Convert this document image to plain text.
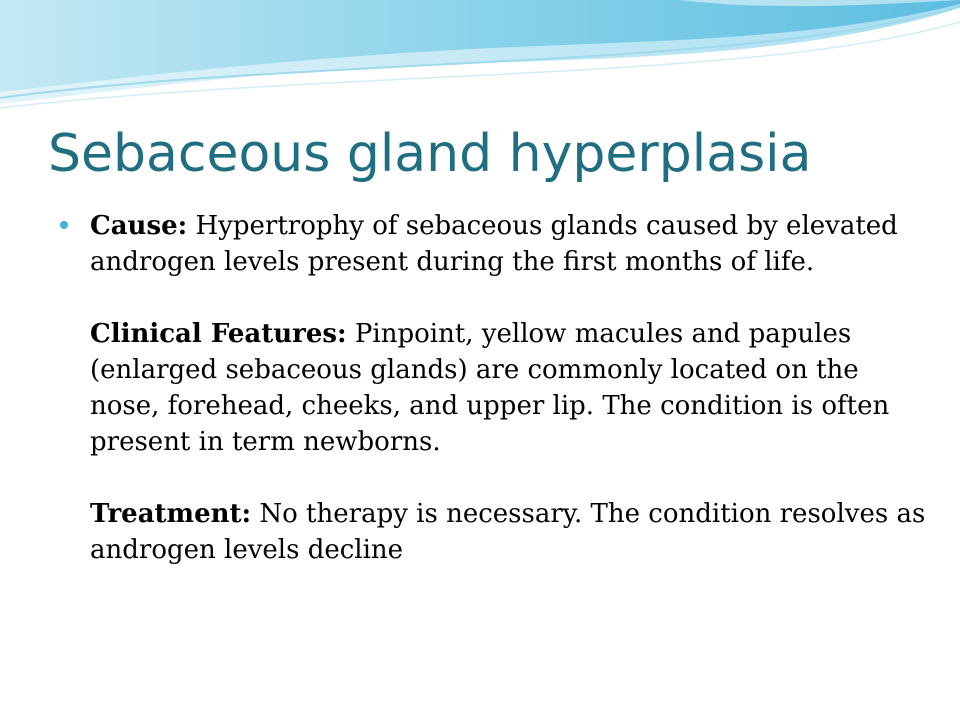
Sebaceous gland hyperplasia

Cause: Hypertrophy of sebaceous glands caused by elevated androgen levels present during the first months of life.

Clinical Features: Pinpoint, yellow macules and papules (enlarged sebaceous glands) are commonly located on the nose, forehead, cheeks, and upper lip. The condition is often present in term newborns.

Treatment: No therapy is necessary. The condition resolves as androgen levels decline
